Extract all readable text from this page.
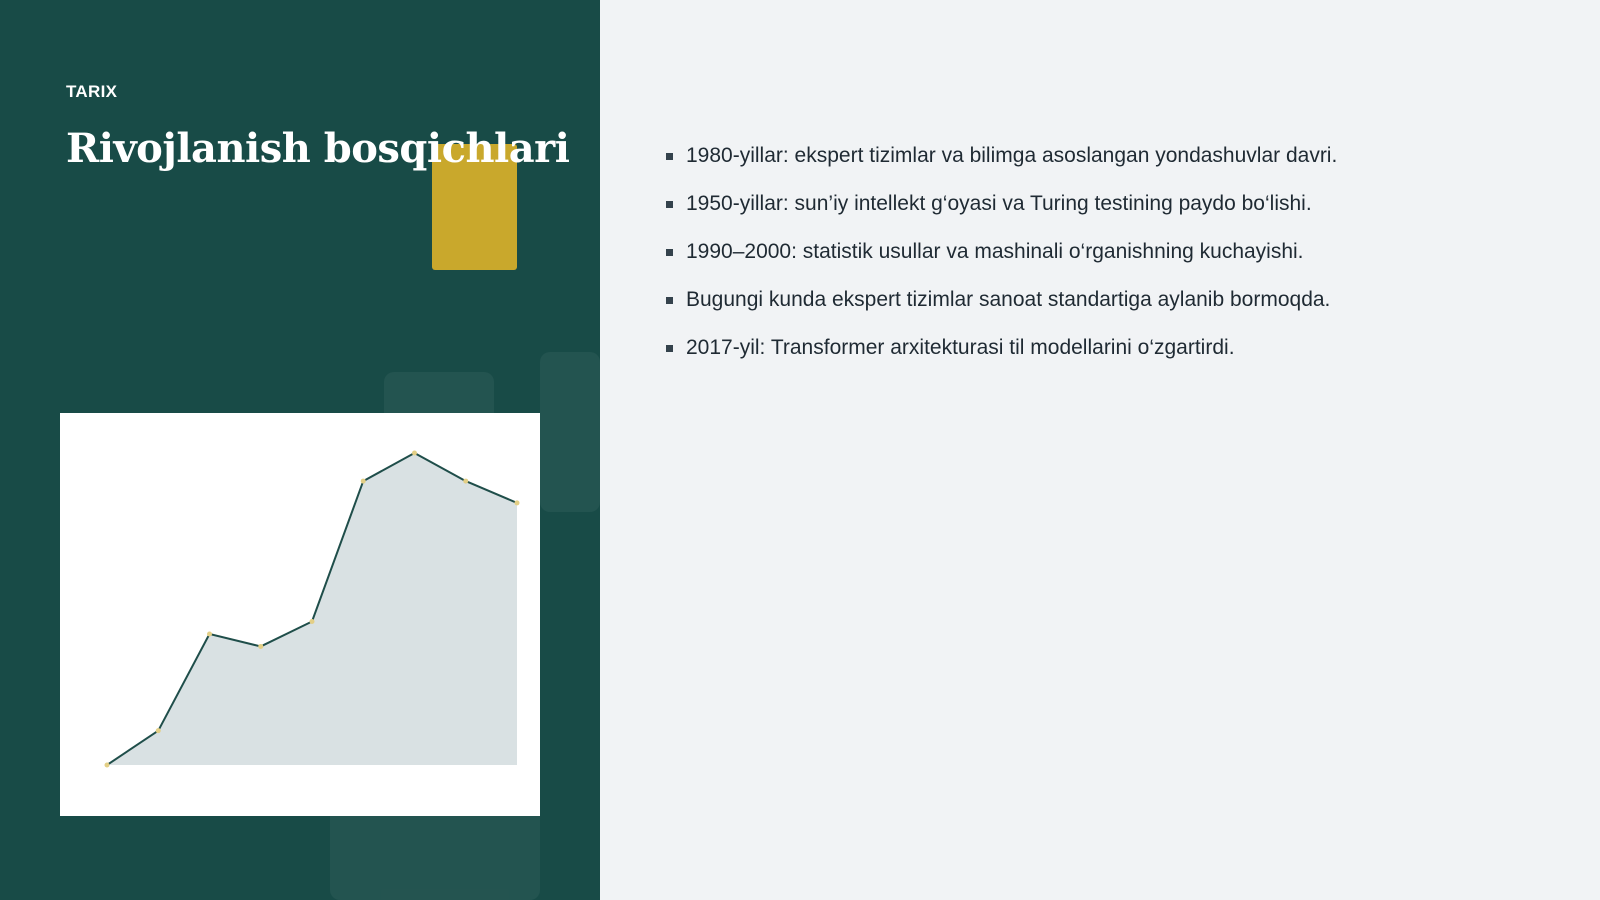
TARIX
Rivojlanish bosqichlari	1980-yillar: ekspert tizimlar va bilimga asoslangan yondashuvlar davri.
1950-yillar: sun’iy intellekt g‘oyasi va Turing testining paydo bo‘lishi.
1990–2000: statistik usullar va mashinali o‘rganishning kuchayishi.
Bugungi kunda ekspert tizimlar sanoat standartiga aylanib bormoqda.
2017-yil: Transformer arxitekturasi til modellarini o‘zgartirdi.
